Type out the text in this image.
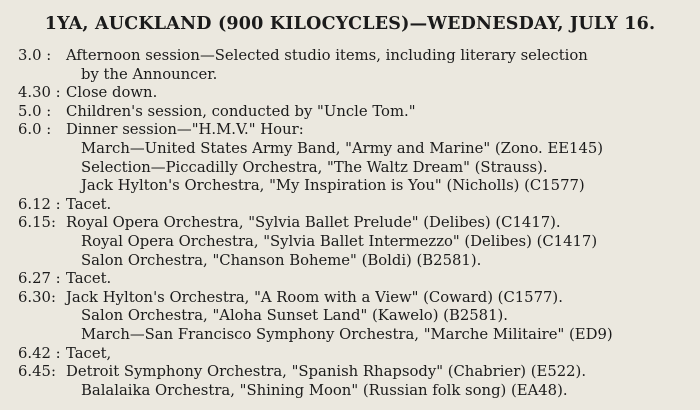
1YA, AUCKLAND (900 KILOCYCLES)—WEDNESDAY, JULY 16.
3.0 : Afternoon session—Selected studio items, including literary selection
by the Announcer.
4.30 : Close down.
5.0 : Children's session, conducted by "Uncle Tom."
6.0 : Dinner session—"H.M.V." Hour:
March—United States Army Band, "Army and Marine" (Zono. EE145)
Selection—Piccadilly Orchestra, "The Waltz Dream" (Strauss).
Jack Hylton's Orchestra, "My Inspiration is You" (Nicholls) (C1577)
6.12 : Tacet.
6.15: Royal Opera Orchestra, "Sylvia Ballet Prelude" (Delibes) (C1417).
Royal Opera Orchestra, "Sylvia Ballet Intermezzo" (Delibes) (C1417)
Salon Orchestra, "Chanson Boheme" (Boldi) (B2581).
6.27 : Tacet.
6.30: Jack Hylton's Orchestra, "A Room with a View" (Coward) (C1577).
Salon Orchestra, "Aloha Sunset Land" (Kawelo) (B2581).
March—San Francisco Symphony Orchestra, "Marche Militaire" (ED9)
6.42 : Tacet,
6.45: Detroit Symphony Orchestra, "Spanish Rhapsody" (Chabrier) (E522).
Balalaika Orchestra, "Shining Moon" (Russian folk song) (EA48).
